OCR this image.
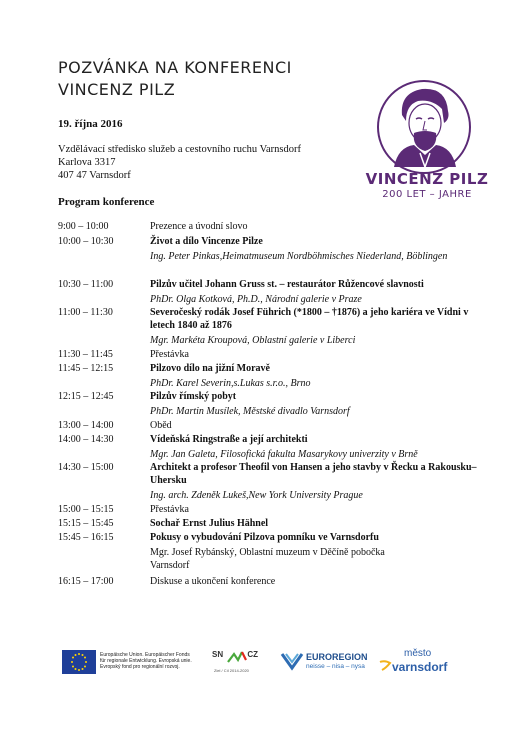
POZVÁNKA NA KONFERENCI
VINCENZ PILZ
19. října 2016
Vzdělávací středisko služeb a cestovního ruchu Varnsdorf
Karlova 3317
407 47 Varnsdorf	VINCENZ PILZ
200 LET – JAHRE
Program konference
9:00 – 10:00	Prezence a úvodní slovo
10:00 – 10:30	Život a dílo Vincenze Pilze
Ing. Peter Pinkas,Heimatmuseum Nordböhmisches Niederland, Böblingen
10:30 – 11:00	Pilzův učitel Johann Gruss st. – restaurátor Růžencové slavnosti
PhDr. Olga Kotková, Ph.D., Národní galerie v Praze
11:00 – 11:30	Severočeský rodák Josef Führich (*1800 – †1876) a jeho kariéra ve Vídni v letech 1840 až 1876
Mgr. Markéta Kroupová, Oblastní galerie v Liberci
11:30 – 11:45	Přestávka
11:45 – 12:15	Pilzovo dílo na jižní Moravě
PhDr. Karel Severin,s.Lukas s.r.o., Brno
12:15 – 12:45	Pilzův římský pobyt
PhDr. Martin Musílek, Městské divadlo Varnsdorf
13:00 – 14:00	Oběd
14:00 – 14:30	Vídeňská Ringstraße a její architekti
Mgr. Jan Galeta, Filosofická fakulta Masarykovy univerzity v Brně
14:30 – 15:00	Architekt a profesor Theofil von Hansen a jeho stavby v Řecku a Rakousku–Uhersku
Ing. arch. Zdeněk Lukeš,New York University Prague
15:00 – 15:15	Přestávka
15:15 – 15:45	Sochař Ernst Julius Hähnel
15:45 – 16:15	Pokusy o vybudování Pilzova pomníku ve Varnsdorfu
Mgr. Josef Rybánský, Oblastní muzeum v Děčíně pobočka Varnsdorf
16:15 – 17:00	Diskuse a ukončení konference
Europäische Union. Europäischer Fonds für regionale Entwicklung. Evropská unie. Evropský fond pro regionální rozvoj.
SN CZ
Ziel / Cíl 2014-2020
EUROREGION
neisse – nisa – nysa
město
varnsdorf
